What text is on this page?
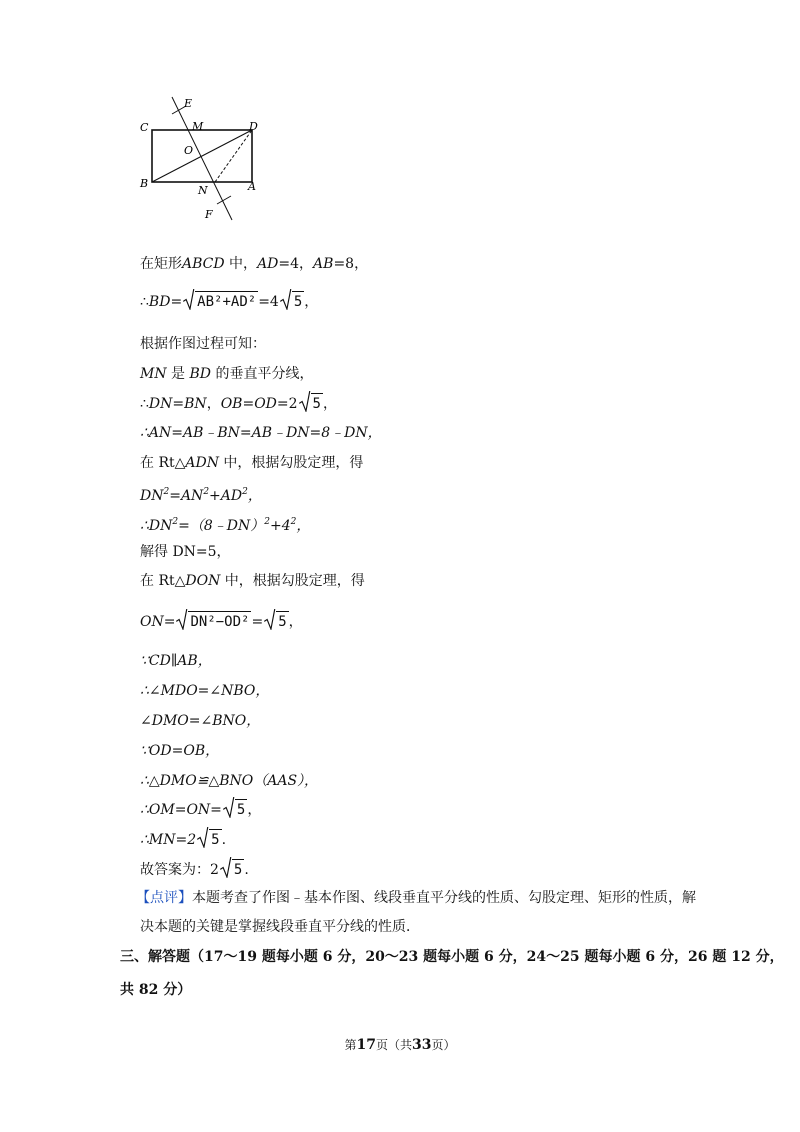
C	M	D
E
O
B
N	A
F
在矩形ABCD 中，AD=4，AB=8，
∴BD= AB²+AD² =4 5 ，
根据作图过程可知：
MN 是 BD 的垂直平分线，
∴DN=BN，OB=OD=2 5 ，
∴AN=AB﹣BN=AB﹣DN=8﹣DN，
在 Rt△ADN 中，根据勾股定理，得
$DN^2=AN^2+AD^2$，
$\therefore DN^2=(8﹣DN)^2+4^2$，
解得 DN=5，
在 Rt△DON 中，根据勾股定理，得
ON= DN²−OD² = 5 ，
∵CD∥AB，
∴∠MDO=∠NBO，
∠DMO=∠BNO，
∵OD=OB，
∴△DMO≌△BNO（AAS），
∴OM=ON= 5 ，
∴MN=2 5 .
故答案为：2 5 .
【点评】本题考查了作图﹣基本作图、线段垂直平分线的性质、勾股定理、矩形的性质，解
决本题的关键是掌握线段垂直平分线的性质．
三、解答题（17～19 题每小题 6 分，20～23 题每小题 6 分，24～25 题每小题 6 分，26 题 12 分，
共 82 分）
第17页（共33页）
